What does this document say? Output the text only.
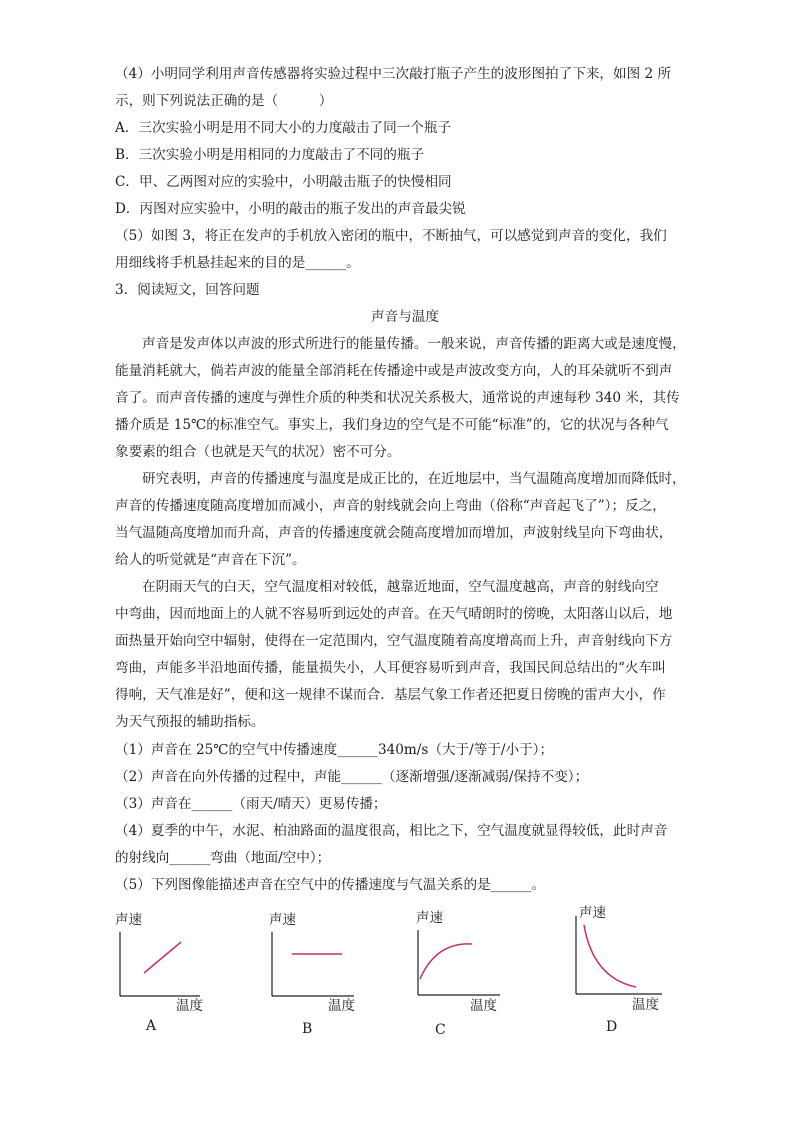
（4）小明同学利用声音传感器将实验过程中三次敲打瓶子产生的波形图拍了下来，如图 2 所
示，则下列说法正确的是（　　　）
A．三次实验小明是用不同大小的力度敲击了同一个瓶子
B．三次实验小明是用相同的力度敲击了不同的瓶子
C．甲、乙两图对应的实验中，小明敲击瓶子的快慢相同
D．丙图对应实验中，小明的敲击的瓶子发出的声音最尖锐
（5）如图 3，将正在发声的手机放入密闭的瓶中，不断抽气，可以感觉到声音的变化，我们
用细线将手机悬挂起来的目的是______。
3．阅读短文，回答问题
声音与温度
声音是发声体以声波的形式所进行的能量传播。一般来说，声音传播的距离大或是速度慢，
能量消耗就大，倘若声波的能量全部消耗在传播途中或是声波改变方向，人的耳朵就听不到声
音了。而声音传播的速度与弹性介质的种类和状况关系极大，通常说的声速每秒 340 米，其传
播介质是 15℃的标准空气。事实上，我们身边的空气是不可能“标准”的，它的状况与各种气
象要素的组合（也就是天气的状况）密不可分。
研究表明，声音的传播速度与温度是成正比的，在近地层中，当气温随高度增加而降低时，
声音的传播速度随高度增加而减小，声音的射线就会向上弯曲（俗称“声音起飞了”）；反之，
当气温随高度增加而升高，声音的传播速度就会随高度增加而增加，声波射线呈向下弯曲状，
给人的听觉就是“声音在下沉”。
在阴雨天气的白天，空气温度相对较低，越靠近地面，空气温度越高，声音的射线向空
中弯曲，因而地面上的人就不容易听到远处的声音。在天气晴朗时的傍晚，太阳落山以后，地
面热量开始向空中辐射，使得在一定范围内，空气温度随着高度增高而上升，声音射线向下方
弯曲，声能多半沿地面传播，能量损失小，人耳便容易听到声音，我国民间总结出的“火车叫
得响，天气准是好”，便和这一规律不谋而合．基层气象工作者还把夏日傍晚的雷声大小，作
为天气预报的辅助指标。
（1）声音在 25℃的空气中传播速度______340m/s（大于/等于/小于）；
（2）声音在向外传播的过程中，声能______（逐渐增强/逐渐减弱/保持不变）；
（3）声音在______（雨天/晴天）更易传播；
（4）夏季的中午，水泥、柏油路面的温度很高，相比之下，空气温度就显得较低，此时声音
的射线向______弯曲（地面/空中）；
（5）下列图像能描述声音在空气中的传播速度与气温关系的是______。
声速
温度
A
声速
温度
B
声速
温度
C
声速
温度
D
